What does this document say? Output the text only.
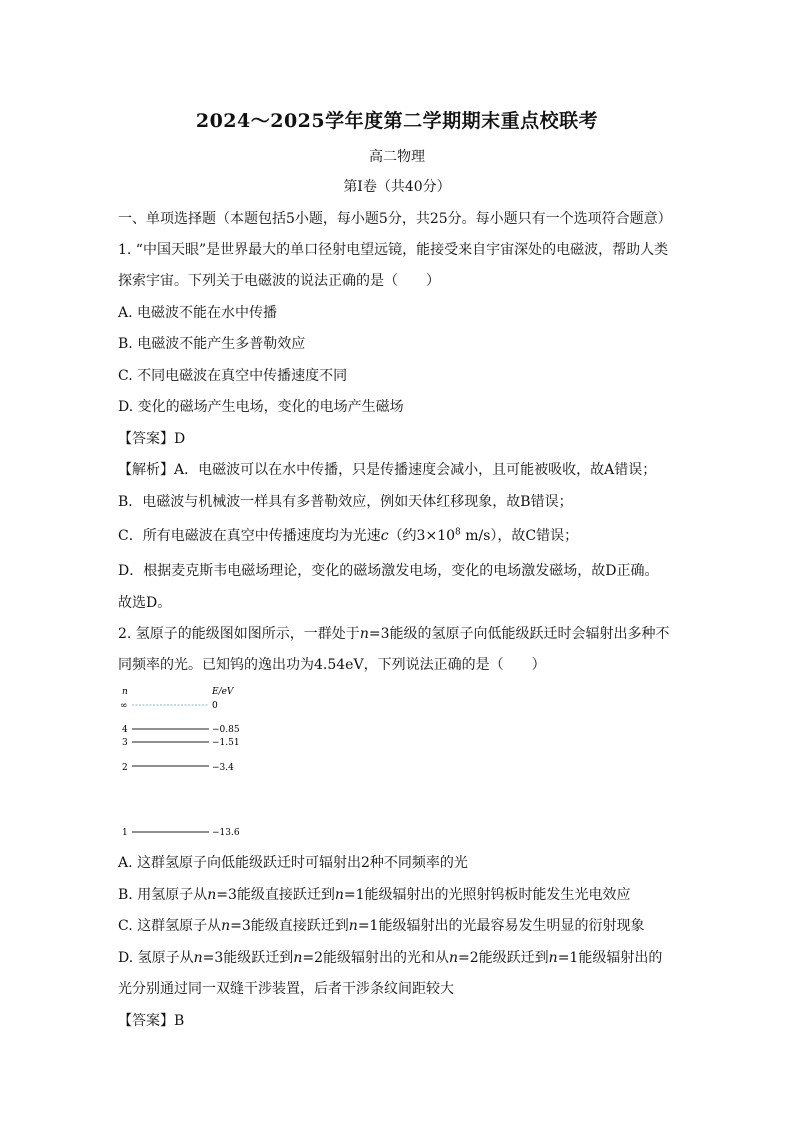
2024～2025学年度第二学期期末重点校联考
高二物理
第Ⅰ卷（共40分）
一、单项选择题（本题包括5小题，每小题5分，共25分。每小题只有一个选项符合题意）
1. “中国天眼”是世界最大的单口径射电望远镜，能接受来自宇宙深处的电磁波，帮助人类
探索宇宙。下列关于电磁波的说法正确的是（　　）
A. 电磁波不能在水中传播
B. 电磁波不能产生多普勒效应
C. 不同电磁波在真空中传播速度不同
D. 变化的磁场产生电场，变化的电场产生磁场
【答案】D
【解析】A．电磁波可以在水中传播，只是传播速度会减小，且可能被吸收，故A错误；
B．电磁波与机械波一样具有多普勒效应，例如天体红移现象，故B错误；
C．所有电磁波在真空中传播速度均为光速c（约$3\times 10^8$ m/s），故C错误；
D．根据麦克斯韦电磁场理论，变化的磁场激发电场，变化的电场激发磁场，故D正确。
故选D。
2. 氢原子的能级图如图所示，一群处于n=3能级的氢原子向低能级跃迁时会辐射出多种不
同频率的光。已知钨的逸出功为4.54eV，下列说法正确的是（　　）
n	E/eV
∞	0
4	−0.85
3	−1.51
2	−3.4
1	−13.6
A. 这群氢原子向低能级跃迁时可辐射出2种不同频率的光
B. 用氢原子从n=3能级直接跃迁到n=1能级辐射出的光照射钨板时能发生光电效应
C. 这群氢原子从n=3能级直接跃迁到n=1能级辐射出的光最容易发生明显的衍射现象
D. 氢原子从n=3能级跃迁到n=2能级辐射出的光和从n=2能级跃迁到n=1能级辐射出的
光分别通过同一双缝干涉装置，后者干涉条纹间距较大
【答案】B
